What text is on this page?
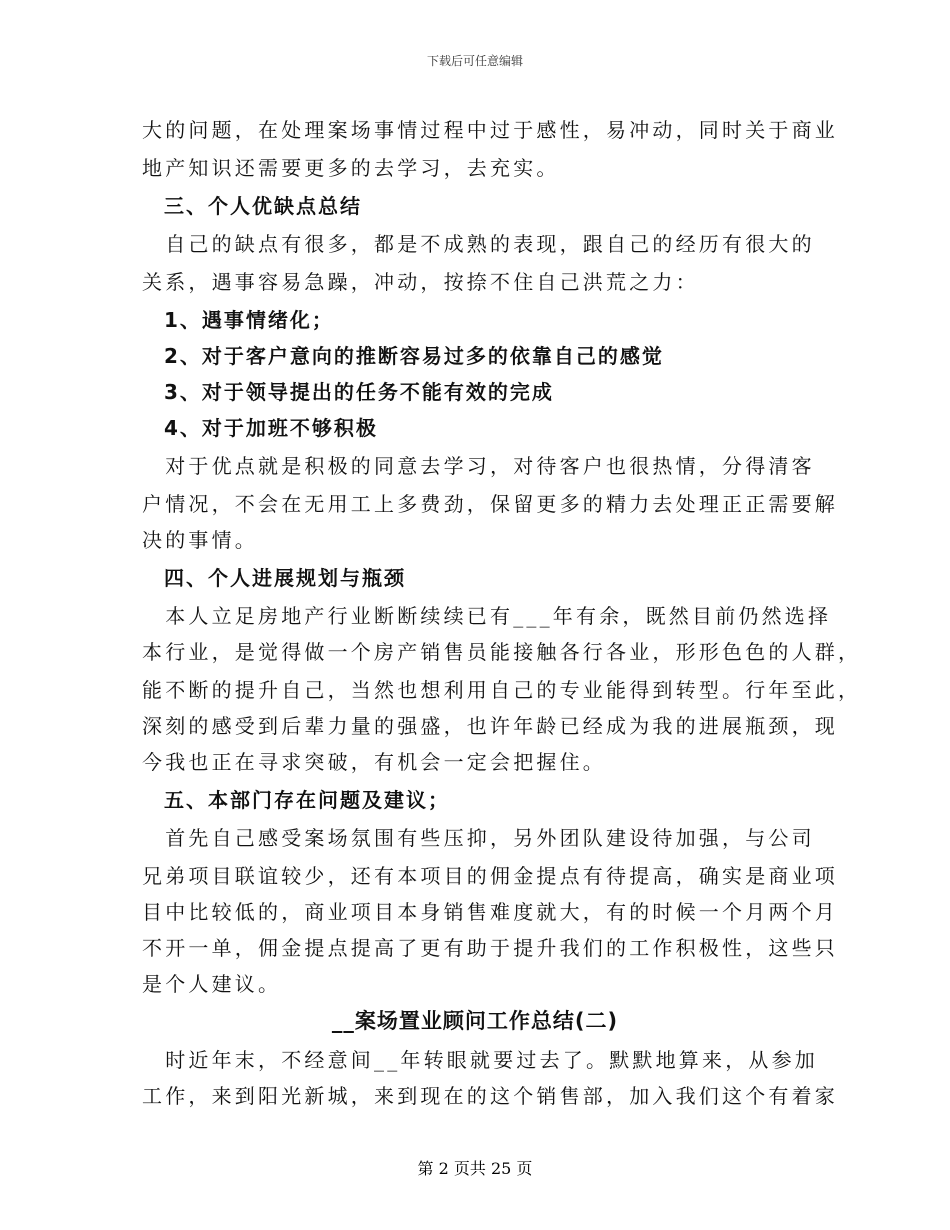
下载后可任意编辑
大的问题，在处理案场事情过程中过于感性，易冲动，同时关于商业
地产知识还需要更多的去学习，去充实。
　三、个人优缺点总结
　自己的缺点有很多，都是不成熟的表现，跟自己的经历有很大的
关系，遇事容易急躁，冲动，按捺不住自己洪荒之力：
　1、遇事情绪化；
　2、对于客户意向的推断容易过多的依靠自己的感觉
　3、对于领导提出的任务不能有效的完成
　4、对于加班不够积极
　对于优点就是积极的同意去学习，对待客户也很热情，分得清客
户情况，不会在无用工上多费劲，保留更多的精力去处理正正需要解
决的事情。
　四、个人进展规划与瓶颈
　本人立足房地产行业断断续续已有___年有余，既然目前仍然选择
本行业，是觉得做一个房产销售员能接触各行各业，形形色色的人群，
能不断的提升自己，当然也想利用自己的专业能得到转型。行年至此，
深刻的感受到后辈力量的强盛，也许年龄已经成为我的进展瓶颈，现
今我也正在寻求突破，有机会一定会把握住。
　五、本部门存在问题及建议；
　首先自己感受案场氛围有些压抑，另外团队建设待加强，与公司
兄弟项目联谊较少，还有本项目的佣金提点有待提高，确实是商业项
目中比较低的，商业项目本身销售难度就大，有的时候一个月两个月
不开一单，佣金提点提高了更有助于提升我们的工作积极性，这些只
是个人建议。
__案场置业顾问工作总结(二)
　时近年末，不经意间__年转眼就要过去了。默默地算来，从参加
工作，来到阳光新城，来到现在的这个销售部，加入我们这个有着家
第 2 页共 25 页
